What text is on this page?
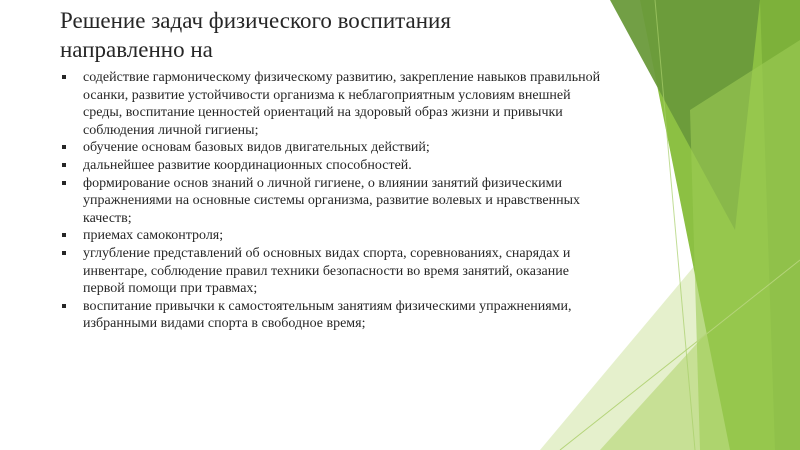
Решение задач физического воспитания
направленно на
содействие гармоническому физическому развитию, закрепление навыков правильной осанки, развитие устойчивости организма к неблагоприятным условиям внешней среды, воспитание ценностей ориентаций на здоровый образ жизни и привычки соблюдения личной гигиены;
обучение основам базовых видов двигательных действий;
дальнейшее развитие координационных способностей.
формирование основ знаний о личной гигиене, о влиянии занятий физическими упражнениями на основные системы организма, развитие волевых и нравственных качеств;
приемах самоконтроля;
углубление представлений об основных видах спорта, соревнованиях, снарядах и инвентаре, соблюдение правил техники безопасности во время занятий, оказание первой помощи при травмах;
воспитание привычки к самостоятельным занятиям физическими упражнениями, избранными видами спорта в свободное время;
